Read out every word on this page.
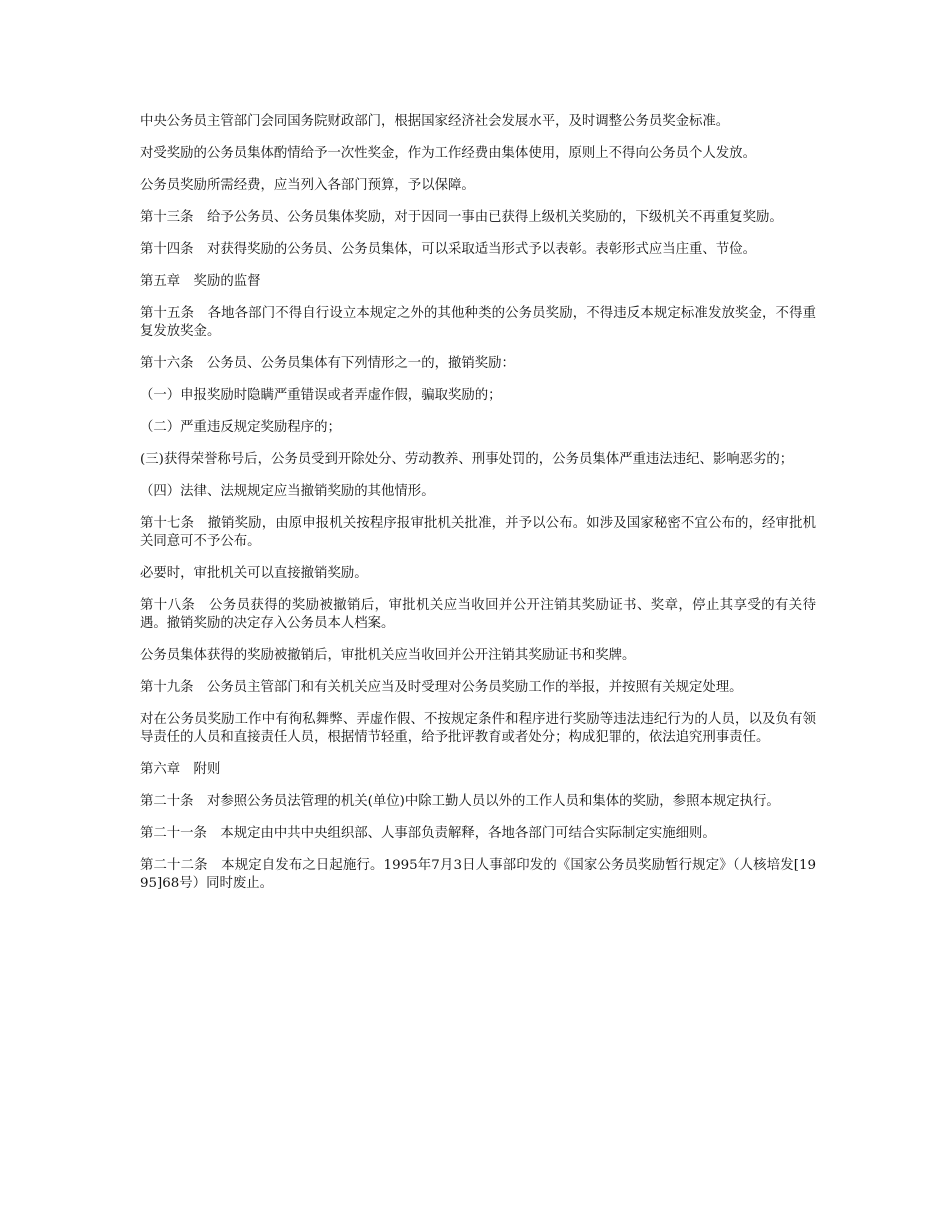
中央公务员主管部门会同国务院财政部门，根据国家经济社会发展水平，及时调整公务员奖金标准。

对受奖励的公务员集体酌情给予一次性奖金，作为工作经费由集体使用，原则上不得向公务员个人发放。

公务员奖励所需经费，应当列入各部门预算，予以保障。

第十三条　给予公务员、公务员集体奖励，对于因同一事由已获得上级机关奖励的，下级机关不再重复奖励。

第十四条　对获得奖励的公务员、公务员集体，可以采取适当形式予以表彰。表彰形式应当庄重、节俭。

第五章　奖励的监督

第十五条　各地各部门不得自行设立本规定之外的其他种类的公务员奖励，不得违反本规定标准发放奖金，不得重复发放奖金。

第十六条　公务员、公务员集体有下列情形之一的，撤销奖励：

（一）申报奖励时隐瞒严重错误或者弄虚作假，骗取奖励的；

（二）严重违反规定奖励程序的；

(三)获得荣誉称号后，公务员受到开除处分、劳动教养、刑事处罚的，公务员集体严重违法违纪、影响恶劣的；

（四）法律、法规规定应当撤销奖励的其他情形。

第十七条　撤销奖励，由原申报机关按程序报审批机关批准，并予以公布。如涉及国家秘密不宜公布的，经审批机关同意可不予公布。

必要时，审批机关可以直接撤销奖励。

第十八条　公务员获得的奖励被撤销后，审批机关应当收回并公开注销其奖励证书、奖章，停止其享受的有关待遇。撤销奖励的决定存入公务员本人档案。

公务员集体获得的奖励被撤销后，审批机关应当收回并公开注销其奖励证书和奖牌。

第十九条　公务员主管部门和有关机关应当及时受理对公务员奖励工作的举报，并按照有关规定处理。

对在公务员奖励工作中有徇私舞弊、弄虚作假、不按规定条件和程序进行奖励等违法违纪行为的人员，以及负有领导责任的人员和直接责任人员，根据情节轻重，给予批评教育或者处分；构成犯罪的，依法追究刑事责任。

第六章　附则

第二十条　对参照公务员法管理的机关(单位)中除工勤人员以外的工作人员和集体的奖励，参照本规定执行。

第二十一条　本规定由中共中央组织部、人事部负责解释，各地各部门可结合实际制定实施细则。

第二十二条　本规定自发布之日起施行。1995年7月3日人事部印发的《国家公务员奖励暂行规定》（人核培发[1995]68号）同时废止。
